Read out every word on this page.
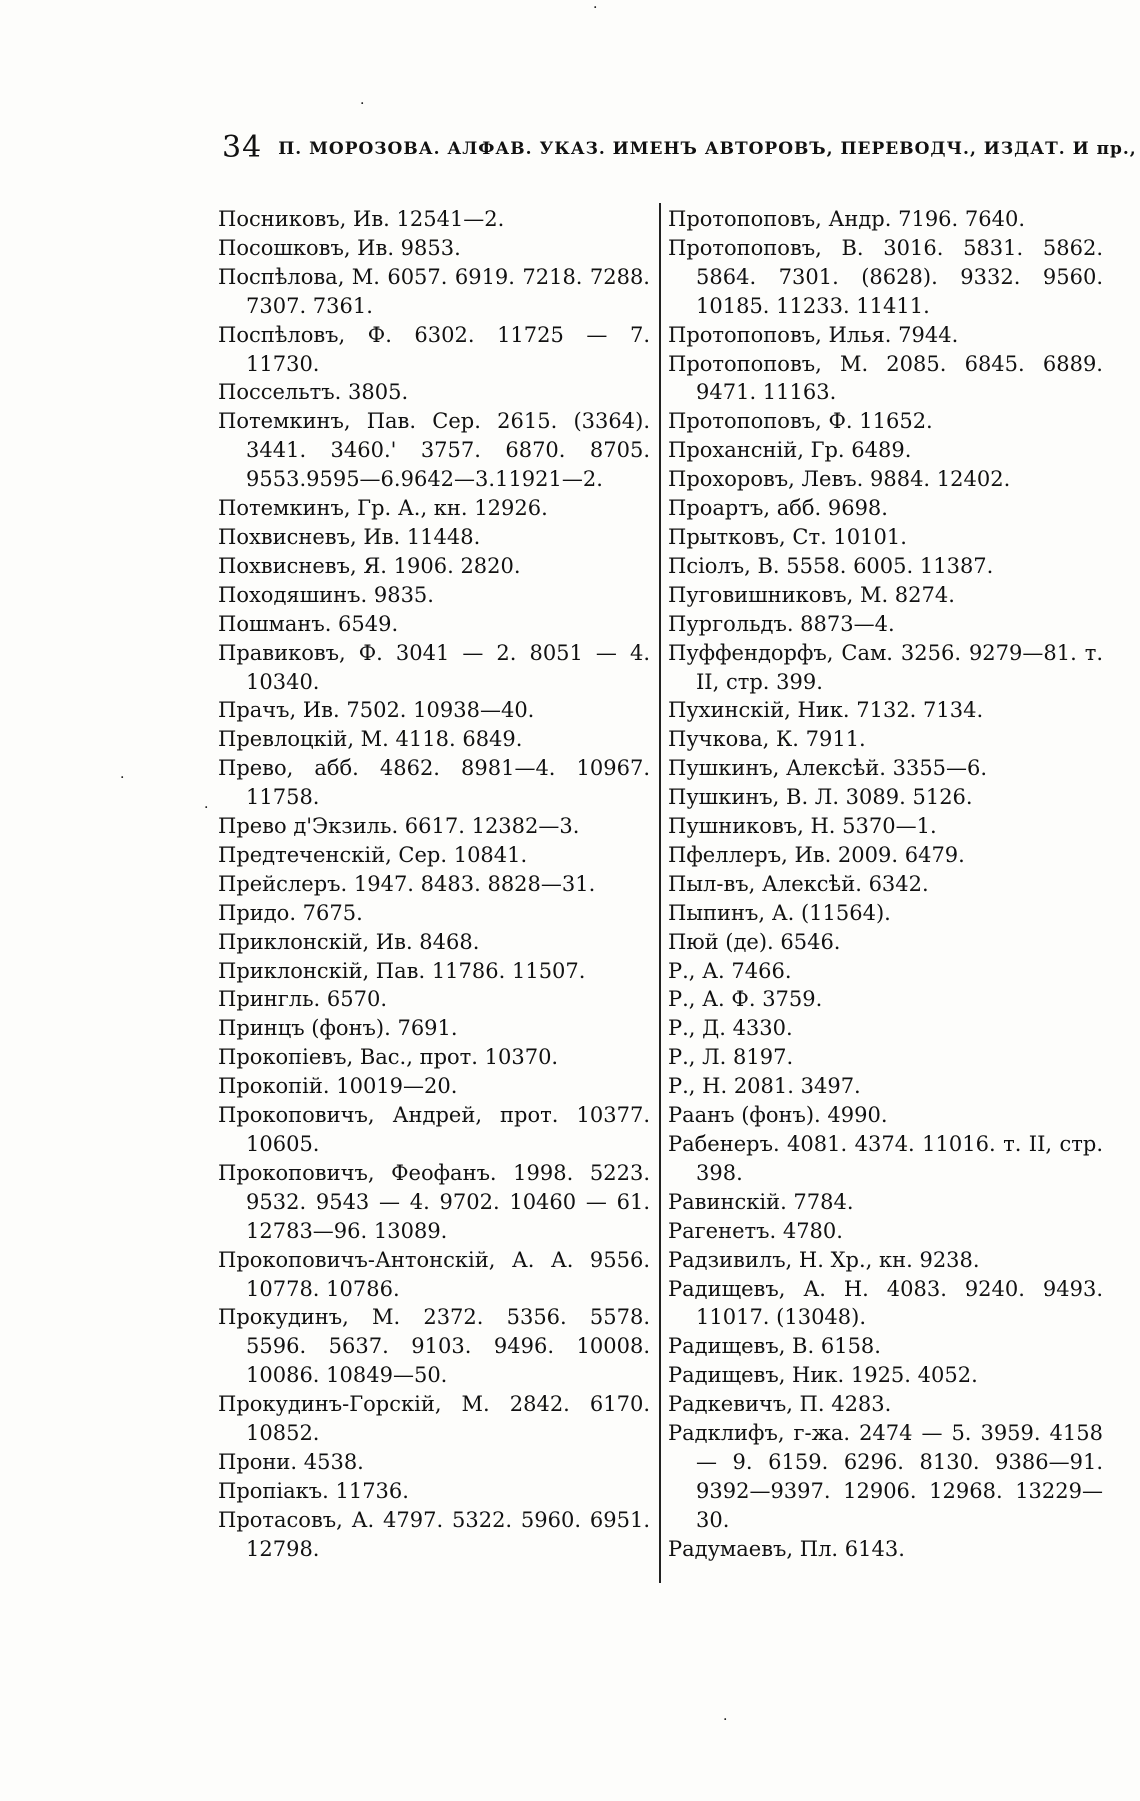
34 П. МОРОЗОВА. АЛФАВ. УКАЗ. ИМЕНЪ АВТОРОВЪ, ПЕРЕВОДЧ., ИЗДАТ. И пр.,
Посниковъ, Ив. 12541—2.
Посошковъ, Ив. 9853.
Поспѣлова, М. 6057. 6919. 7218. 7288. 7307. 7361.
Поспѣловъ, Ф. 6302. 11725 — 7. 11730.
Поссельтъ. 3805.
Потемкинъ, Пав. Сер. 2615. (3364). 3441. 3460.' 3757. 6870. 8705. 9553.9595—6.9642—3.11921—2.
Потемкинъ, Гр. А., кн. 12926.
Похвисневъ, Ив. 11448.
Похвисневъ, Я. 1906. 2820.
Походяшинъ. 9835.
Пошманъ. 6549.
Правиковъ, Ф. 3041 — 2. 8051 — 4. 10340.
Прачъ, Ив. 7502. 10938—40.
Превлоцкій, М. 4118. 6849.
Прево, абб. 4862. 8981—4. 10967. 11758.
Прево д'Экзиль. 6617. 12382—3.
Предтеченскій, Сер. 10841.
Прейслеръ. 1947. 8483. 8828—31.
Придо. 7675.
Приклонскій, Ив. 8468.
Приклонскій, Пав. 11786. 11507.
Прингль. 6570.
Принцъ (фонъ). 7691.
Прокопіевъ, Вас., прот. 10370.
Прокопій. 10019—20.
Прокоповичъ, Андрей, прот. 10377. 10605.
Прокоповичъ, Феофанъ. 1998. 5223. 9532. 9543 — 4. 9702. 10460 — 61. 12783—96. 13089.
Прокоповичъ-Антонскій, А. А. 9556. 10778. 10786.
Прокудинъ, М. 2372. 5356. 5578. 5596. 5637. 9103. 9496. 10008. 10086. 10849—50.
Прокудинъ-Горскій, М. 2842. 6170. 10852.
Прони. 4538.
Пропіакъ. 11736.
Протасовъ, А. 4797. 5322. 5960. 6951. 12798.
Протопоповъ, Андр. 7196. 7640.
Протопоповъ, В. 3016. 5831. 5862. 5864. 7301. (8628). 9332. 9560. 10185. 11233. 11411.
Протопоповъ, Илья. 7944.
Протопоповъ, М. 2085. 6845. 6889. 9471. 11163.
Протопоповъ, Ф. 11652.
Прохансній, Гр. 6489.
Прохоровъ, Левъ. 9884. 12402.
Проартъ, абб. 9698.
Прытковъ, Ст. 10101.
Псіолъ, В. 5558. 6005. 11387.
Пуговишниковъ, М. 8274.
Пургольдъ. 8873—4.
Пуффендорфъ, Сам. 3256. 9279—81. т. II, стр. 399.
Пухинскій, Ник. 7132. 7134.
Пучкова, К. 7911.
Пушкинъ, Алексѣй. 3355—6.
Пушкинъ, В. Л. 3089. 5126.
Пушниковъ, Н. 5370—1.
Пфеллеръ, Ив. 2009. 6479.
Пыл-въ, Алексѣй. 6342.
Пыпинъ, А. (11564).
Пюй (де). 6546.
Р., А. 7466.
Р., А. Ф. 3759.
Р., Д. 4330.
Р., Л. 8197.
Р., Н. 2081. 3497.
Раанъ (фонъ). 4990.
Рабенеръ. 4081. 4374. 11016. т. II, стр. 398.
Равинскій. 7784.
Рагенетъ. 4780.
Радзивилъ, Н. Хр., кн. 9238.
Радищевъ, А. Н. 4083. 9240. 9493. 11017. (13048).
Радищевъ, В. 6158.
Радищевъ, Ник. 1925. 4052.
Радкевичъ, П. 4283.
Радклифъ, г-жа. 2474 — 5. 3959. 4158 — 9. 6159. 6296. 8130. 9386—91. 9392—9397. 12906. 12968. 13229—30.
Радумаевъ, Пл. 6143.
·
·
·
·
·
